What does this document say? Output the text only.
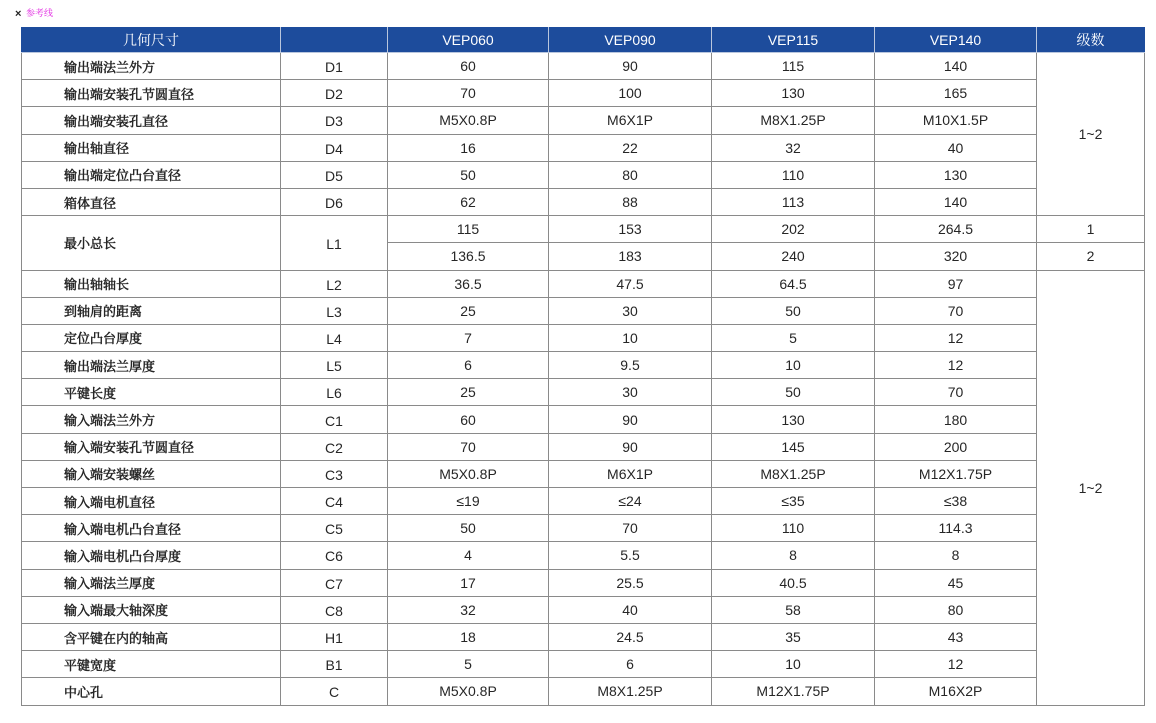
× 参考线
几何尺寸		VEP060	VEP090	VEP115	VEP140	级数
输出端法兰外方	D1	60	90	115	140	1~2
输出端安装孔节圆直径	D2	70	100	130	165	
输出端安装孔直径	D3	M5X0.8P	M6X1P	M8X1.25P	M10X1.5P	
输出轴直径	D4	16	22	32	40	
输出端定位凸台直径	D5	50	80	110	130	
箱体直径	D6	62	88	113	140	
最小总长	L1	115	153	202	264.5	1
		136.5	183	240	320	2
输出轴轴长	L2	36.5	47.5	64.5	97	1~2
到轴肩的距离	L3	25	30	50	70	
定位凸台厚度	L4	7	10	5	12	
输出端法兰厚度	L5	6	9.5	10	12	
平键长度	L6	25	30	50	70	
输入端法兰外方	C1	60	90	130	180	
输入端安装孔节圆直径	C2	70	90	145	200	
输入端安装螺丝	C3	M5X0.8P	M6X1P	M8X1.25P	M12X1.75P	
输入端电机直径	C4	≤19	≤24	≤35	≤38	
输入端电机凸台直径	C5	50	70	110	114.3	
输入端电机凸台厚度	C6	4	5.5	8	8	
输入端法兰厚度	C7	17	25.5	40.5	45	
输入端最大轴深度	C8	32	40	58	80	
含平键在内的轴高	H1	18	24.5	35	43	
平键宽度	B1	5	6	10	12	
中心孔	C	M5X0.8P	M8X1.25P	M12X1.75P	M16X2P	
